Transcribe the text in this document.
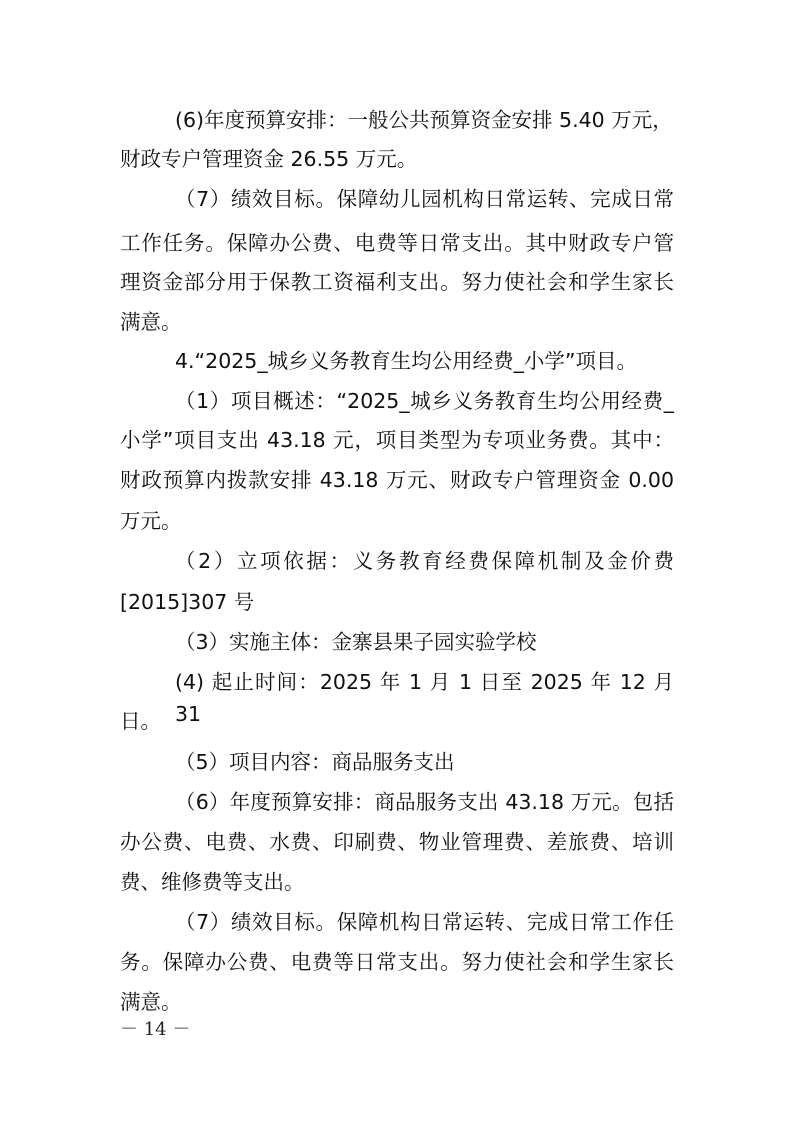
(6)年度预算安排：一般公共预算资金安排 5.40 万元，

财政专户管理资金 26.55 万元。

（7）绩效目标。保障幼儿园机构日常运转、完成日常

工作任务。保障办公费、电费等日常支出。其中财政专户管

理资金部分用于保教工资福利支出。努力使社会和学生家长

满意。

4.“2025_城乡义务教育生均公用经费_小学”项目。

（1）项目概述：“2025_城乡义务教育生均公用经费_

小学”项目支出 43.18 元，项目类型为专项业务费。其中：

财政预算内拨款安排 43.18 万元、财政专户管理资金 0.00

万元。

（2）立项依据：义务教育经费保障机制及金价费

[2015]307 号

（3）实施主体：金寨县果子园实验学校

(4) 起止时间：2025 年 1 月 1 日至 2025 年 12 月 31

日。

（5）项目内容：商品服务支出

（6）年度预算安排：商品服务支出 43.18 万元。包括

办公费、电费、水费、印刷费、物业管理费、差旅费、培训

费、维修费等支出。

（7）绩效目标。保障机构日常运转、完成日常工作任

务。保障办公费、电费等日常支出。努力使社会和学生家长

满意。

－ 14 －
